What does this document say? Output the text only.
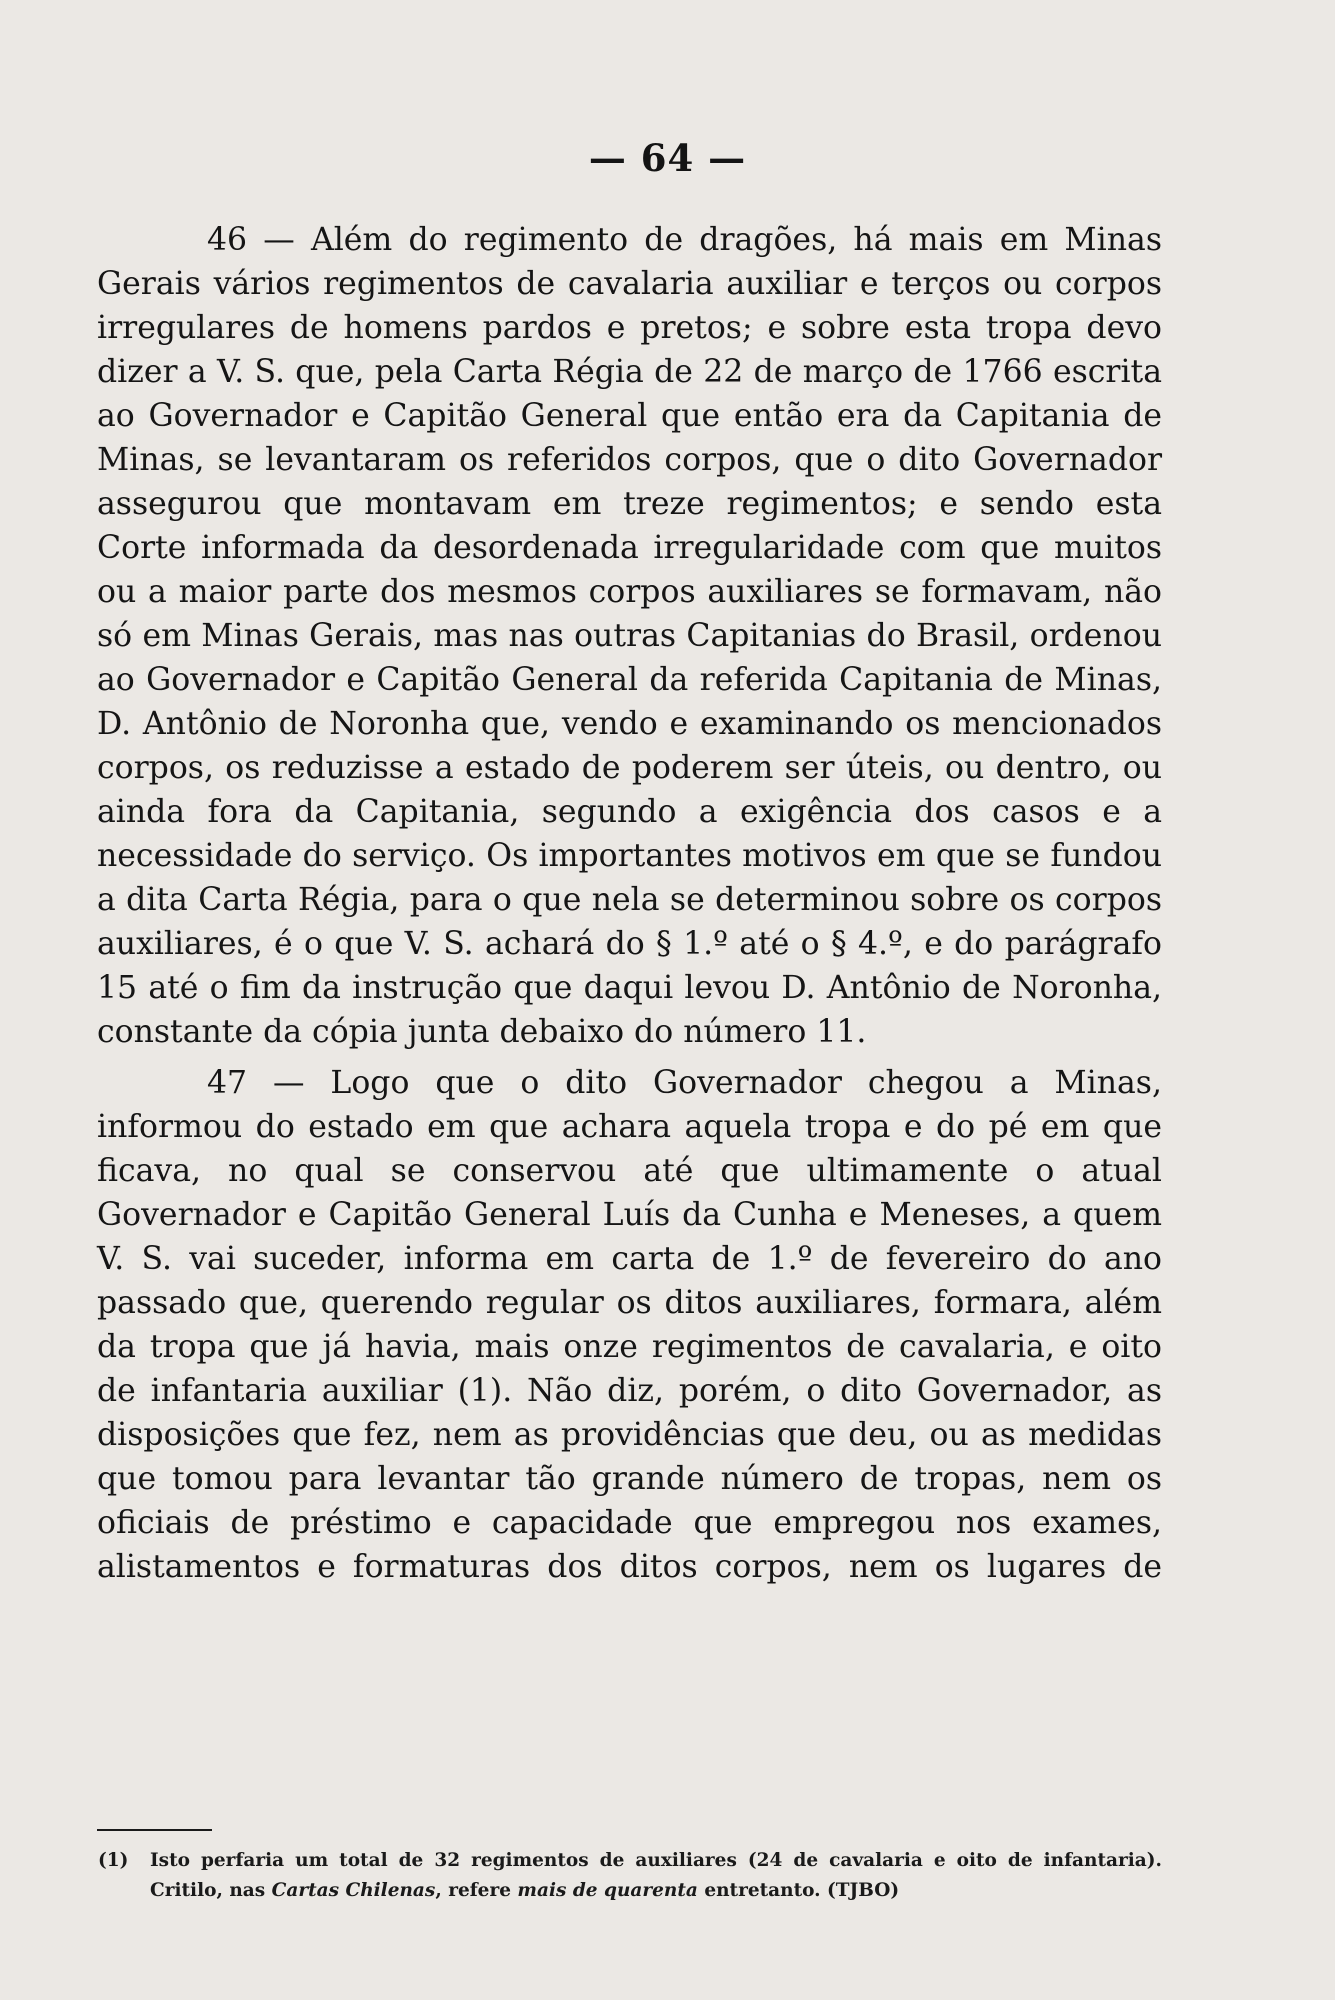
— 64 —

46 — Além do regimento de dragões, há mais em Minas Gerais vários regimentos de cavalaria auxiliar e terços ou corpos irregulares de homens pardos e pretos; e sobre esta tropa devo dizer a V. S. que, pela Carta Régia de 22 de março de 1766 escrita ao Governador e Capitão General que então era da Capitania de Minas, se levantaram os referidos corpos, que o dito Governador assegurou que montavam em treze regimentos; e sendo esta Corte informada da desordenada irregularidade com que muitos ou a maior parte dos mesmos corpos auxiliares se formavam, não só em Minas Gerais, mas nas outras Capitanias do Brasil, ordenou ao Governador e Capitão General da referida Capitania de Minas, D. Antônio de Noronha que, vendo e examinando os mencionados corpos, os reduzisse a estado de poderem ser úteis, ou dentro, ou ainda fora da Capitania, segundo a exigência dos casos e a necessidade do serviço. Os importantes motivos em que se fundou a dita Carta Régia, para o que nela se determinou sobre os corpos auxiliares, é o que V. S. achará do § 1.º até o § 4.º, e do parágrafo 15 até o fim da instrução que daqui levou D. Antônio de Noronha, constante da cópia junta debaixo do número 11.

47 — Logo que o dito Governador chegou a Minas, informou do estado em que achara aquela tropa e do pé em que ficava, no qual se conservou até que ultimamente o atual Governador e Capitão General Luís da Cunha e Meneses, a quem V. S. vai suceder, informa em carta de 1.º de fevereiro do ano passado que, querendo regular os ditos auxiliares, formara, além da tropa que já havia, mais onze regimentos de cavalaria, e oito de infantaria auxiliar (1). Não diz, porém, o dito Governador, as disposições que fez, nem as providências que deu, ou as medidas que tomou para levantar tão grande número de tropas, nem os oficiais de préstimo e capacidade que empregou nos exames, alistamentos e formaturas dos ditos corpos, nem os lugares de

(1) Isto perfaria um total de 32 regimentos de auxiliares (24 de cavalaria e oito de infantaria). Critilo, nas Cartas Chilenas, refere mais de quarenta entretanto. (TJBO)
